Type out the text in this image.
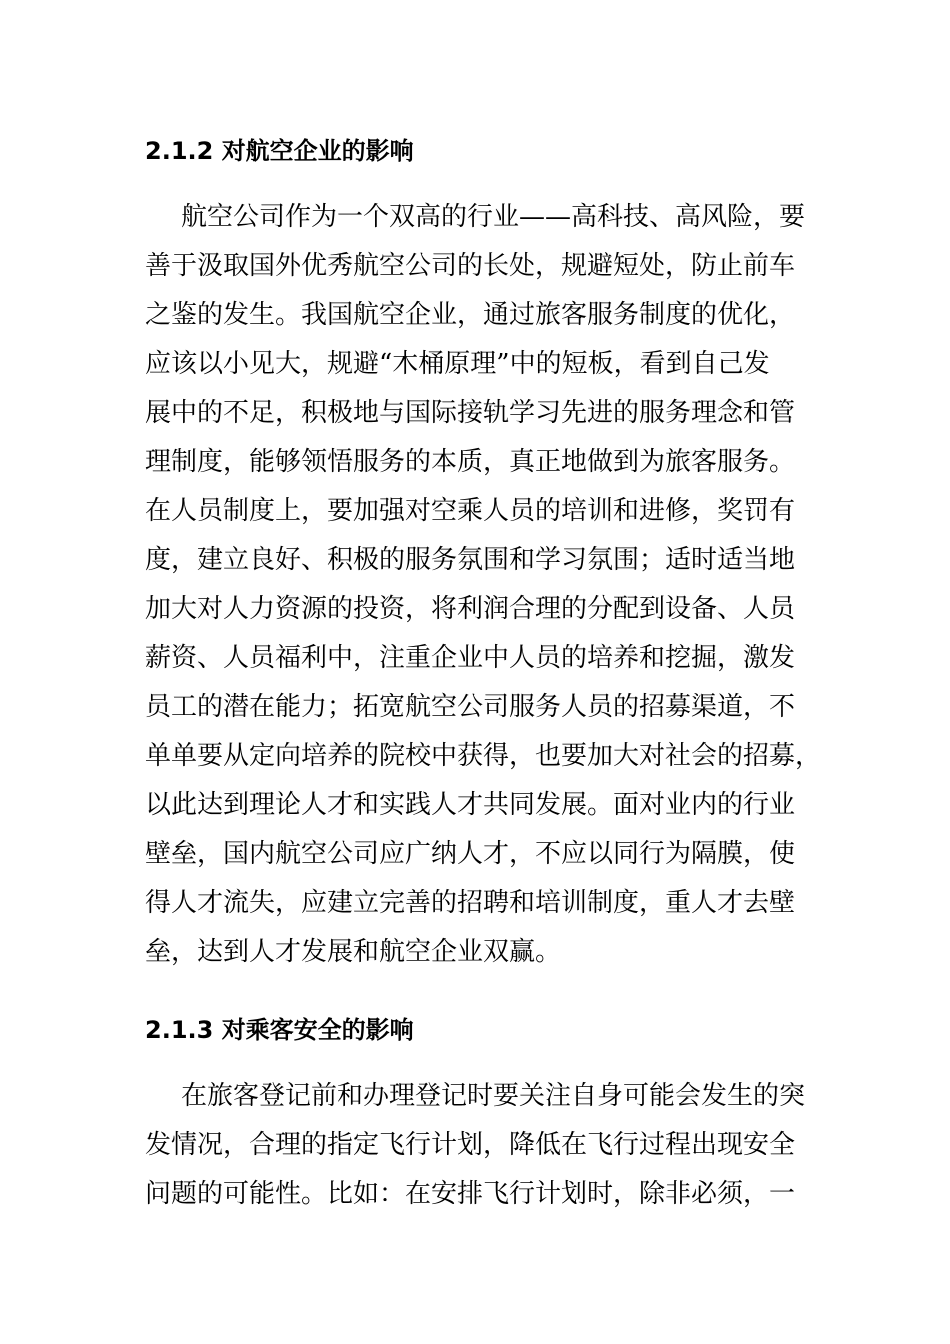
2.1.2 对航空企业的影响
航空公司作为一个双高的行业——高科技、高风险，要
善于汲取国外优秀航空公司的长处，规避短处，防止前车
之鉴的发生。我国航空企业，通过旅客服务制度的优化，
应该以小见大，规避“木桶原理”中的短板，看到自己发
展中的不足，积极地与国际接轨学习先进的服务理念和管
理制度，能够领悟服务的本质，真正地做到为旅客服务。
在人员制度上，要加强对空乘人员的培训和进修，奖罚有
度，建立良好、积极的服务氛围和学习氛围；适时适当地
加大对人力资源的投资，将利润合理的分配到设备、人员
薪资、人员福利中，注重企业中人员的培养和挖掘，激发
员工的潜在能力；拓宽航空公司服务人员的招募渠道，不
单单要从定向培养的院校中获得，也要加大对社会的招募，
以此达到理论人才和实践人才共同发展。面对业内的行业
壁垒，国内航空公司应广纳人才，不应以同行为隔膜，使
得人才流失，应建立完善的招聘和培训制度，重人才去壁
垒，达到人才发展和航空企业双赢。
2.1.3 对乘客安全的影响
在旅客登记前和办理登记时要关注自身可能会发生的突
发情况，合理的指定飞行计划，降低在飞行过程出现安全
问题的可能性。比如：在安排飞行计划时，除非必须，一
